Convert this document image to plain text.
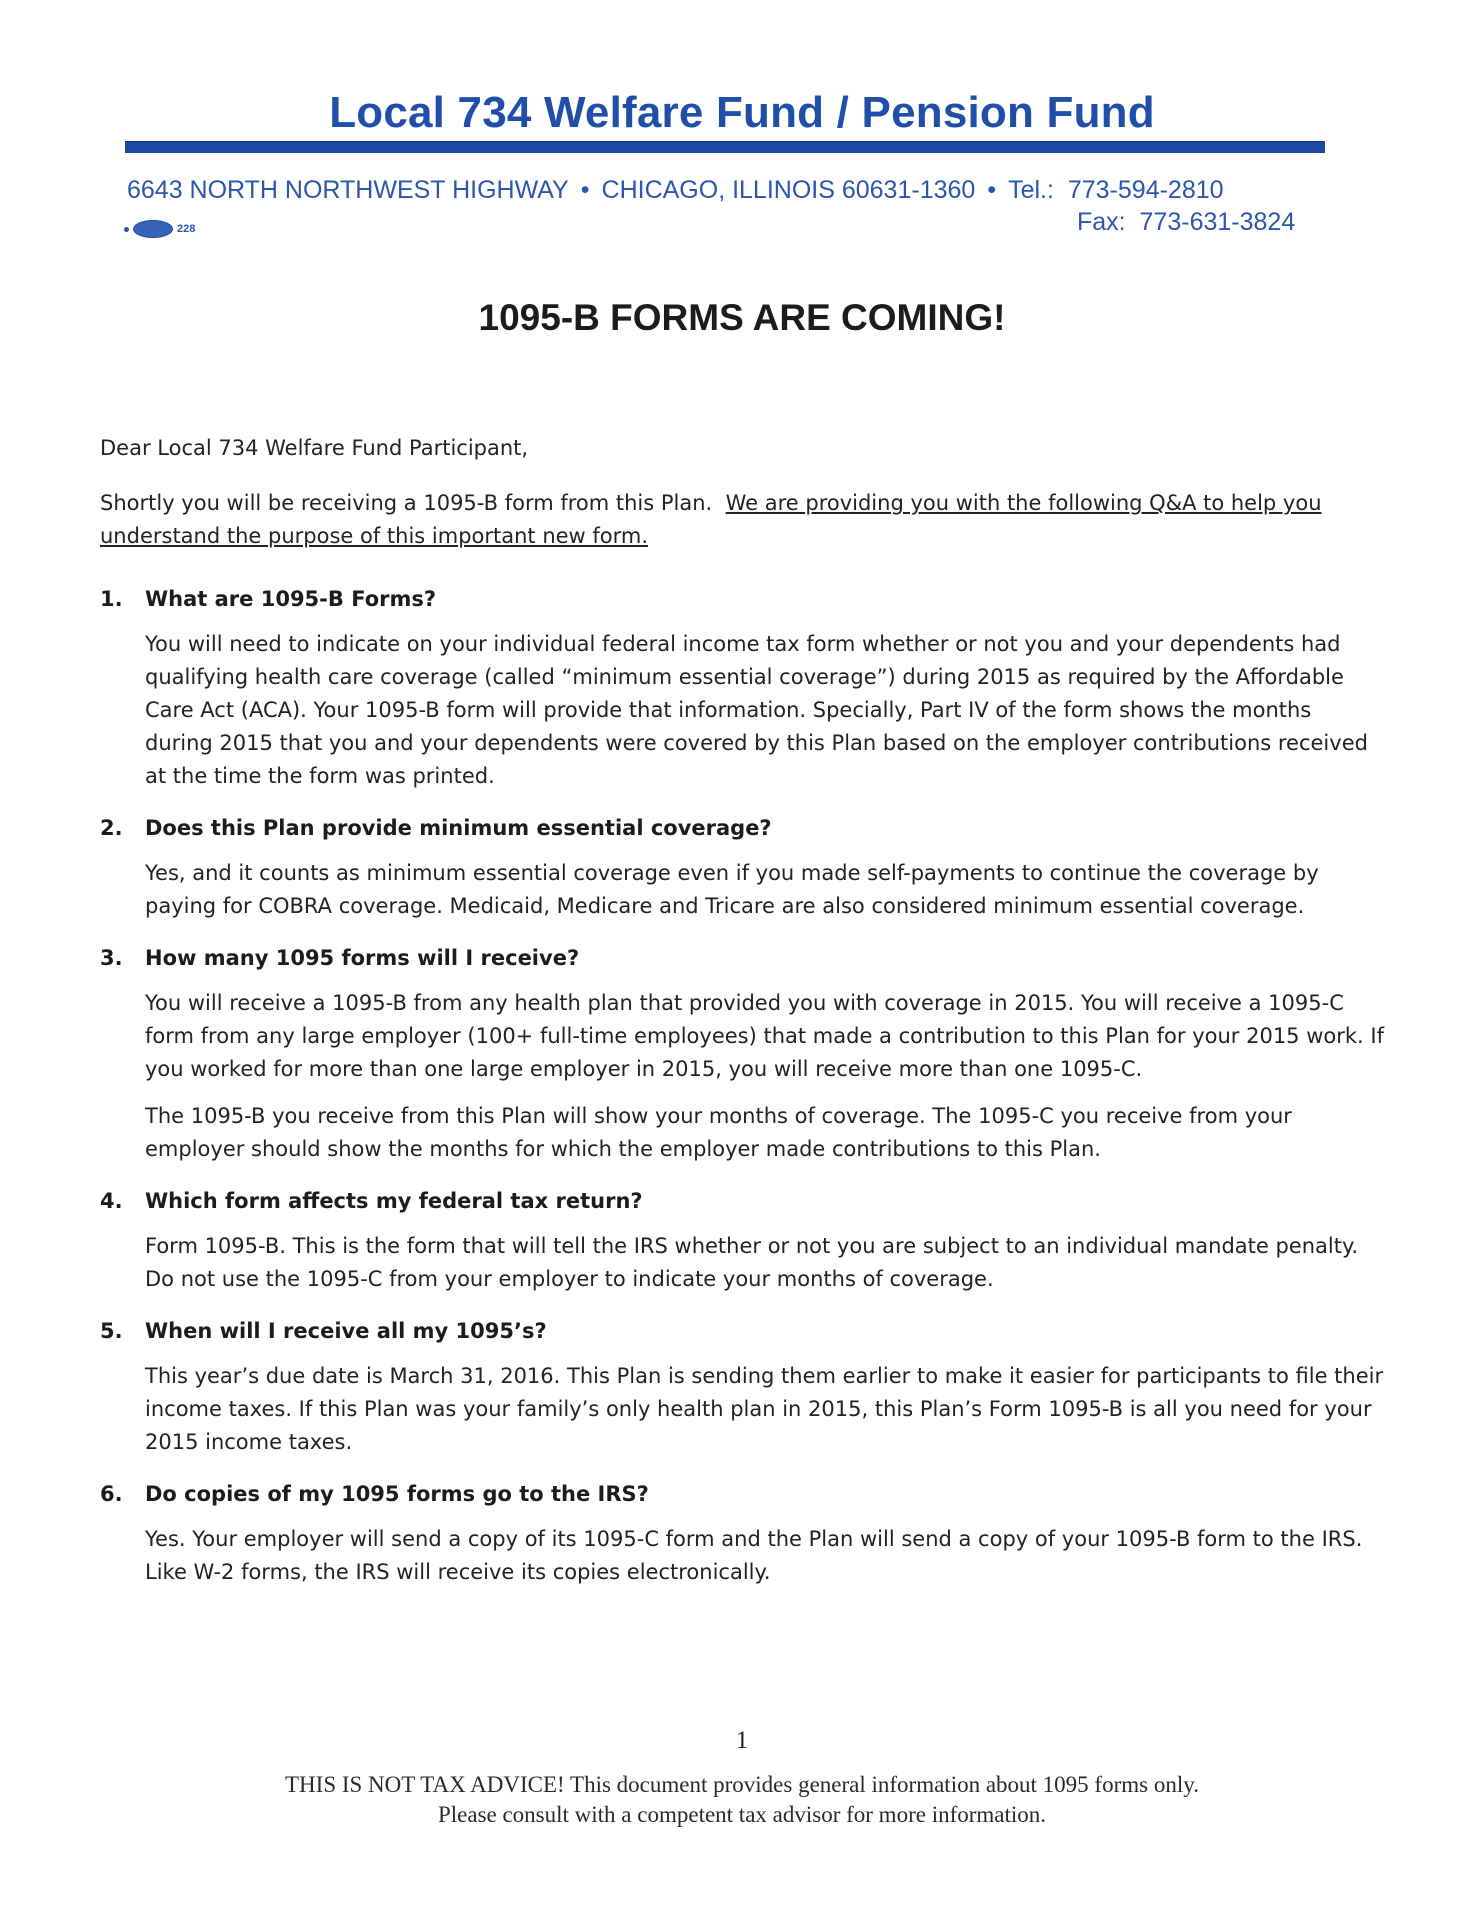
Local 734 Welfare Fund / Pension Fund
6643 NORTH NORTHWEST HIGHWAY • CHICAGO, ILLINOIS 60631-1360 • Tel.: 773-594-2810
Fax: 773-631-3824
228
1095-B FORMS ARE COMING!
Dear Local 734 Welfare Fund Participant,
Shortly you will be receiving a 1095-B form from this Plan. We are providing you with the following Q&A to help you understand the purpose of this important new form.
1.	What are 1095-B Forms?

You will need to indicate on your individual federal income tax form whether or not you and your dependents had qualifying health care coverage (called “minimum essential coverage”) during 2015 as required by the Affordable Care Act (ACA). Your 1095-B form will provide that information. Specially, Part IV of the form shows the months during 2015 that you and your dependents were covered by this Plan based on the employer contributions received at the time the form was printed.

2.	Does this Plan provide minimum essential coverage?

Yes, and it counts as minimum essential coverage even if you made self-payments to continue the coverage by paying for COBRA coverage. Medicaid, Medicare and Tricare are also considered minimum essential coverage.

3.	How many 1095 forms will I receive?

You will receive a 1095-B from any health plan that provided you with coverage in 2015. You will receive a 1095-C form from any large employer (100+ full-time employees) that made a contribution to this Plan for your 2015 work. If you worked for more than one large employer in 2015, you will receive more than one 1095-C.

The 1095-B you receive from this Plan will show your months of coverage. The 1095-C you receive from your employer should show the months for which the employer made contributions to this Plan.

4.	Which form affects my federal tax return?

Form 1095-B. This is the form that will tell the IRS whether or not you are subject to an individual mandate penalty. Do not use the 1095-C from your employer to indicate your months of coverage.

5.	When will I receive all my 1095’s?

This year’s due date is March 31, 2016. This Plan is sending them earlier to make it easier for participants to file their income taxes. If this Plan was your family’s only health plan in 2015, this Plan’s Form 1095-B is all you need for your 2015 income taxes.

6.	Do copies of my 1095 forms go to the IRS?

Yes. Your employer will send a copy of its 1095-C form and the Plan will send a copy of your 1095-B form to the IRS. Like W-2 forms, the IRS will receive its copies electronically.

1
THIS IS NOT TAX ADVICE! This document provides general information about 1095 forms only.
Please consult with a competent tax advisor for more information.
